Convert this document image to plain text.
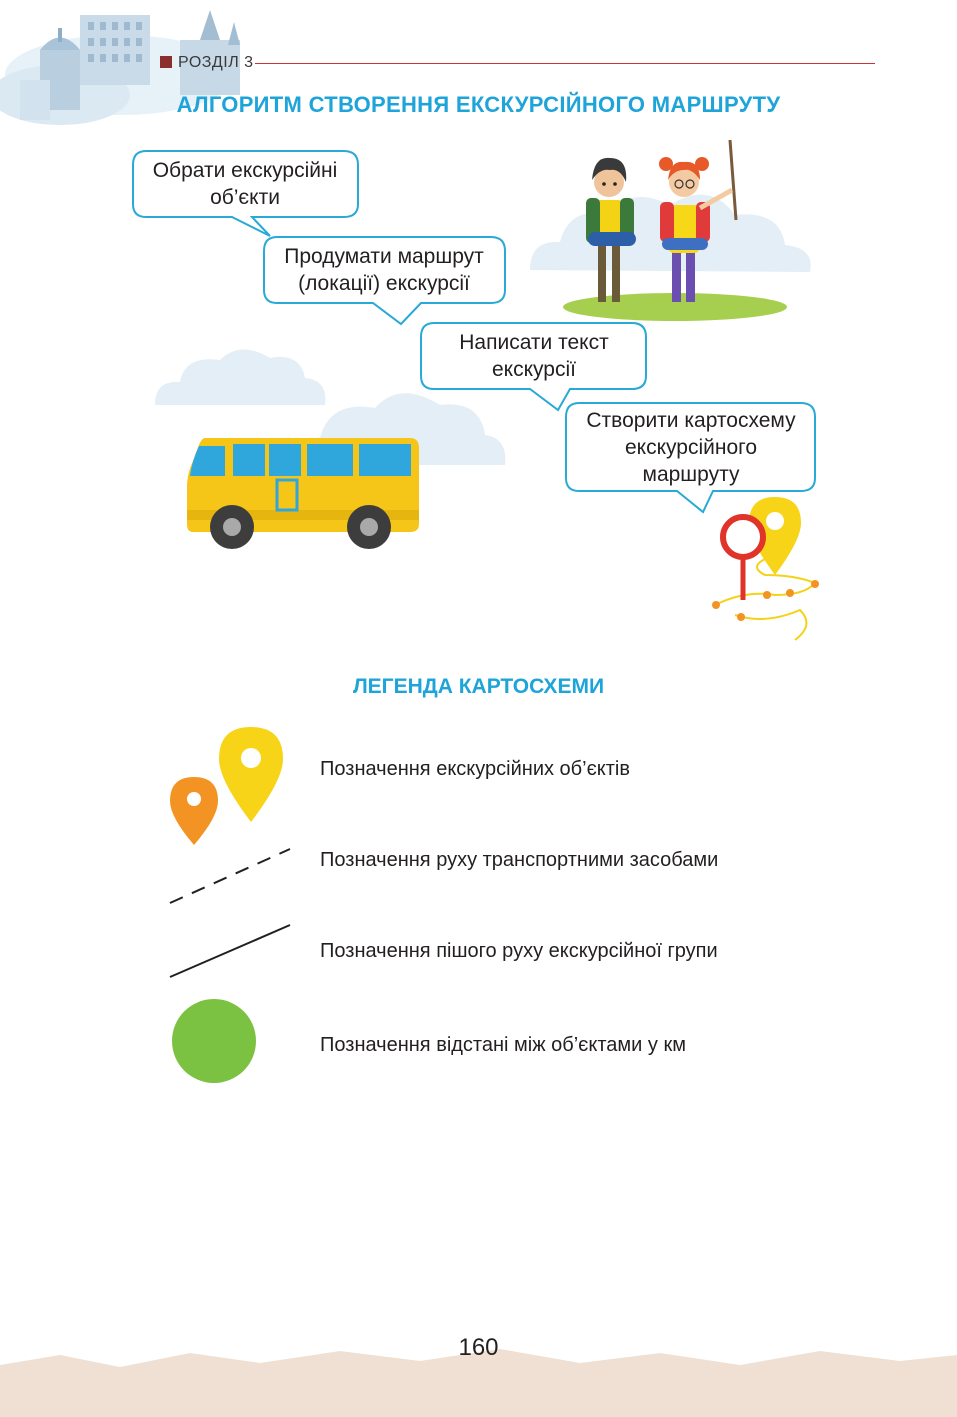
РОЗДІЛ 3
АЛГОРИТМ СТВОРЕННЯ ЕКСКУРСІЙНОГО МАРШРУТУ
Обрати екскурсійні
об’єкти
Продумати маршрут
(локації) екскурсії
Написати текст
екскурсії
Створити картосхему
екскурсійного
маршруту
ЛЕГЕНДА КАРТОСХЕМИ
Позначення екскурсійних об’єктів
Позначення руху транспортними засобами
Позначення пішого руху екскурсійної групи
Позначення відстані між об’єктами у км
160
